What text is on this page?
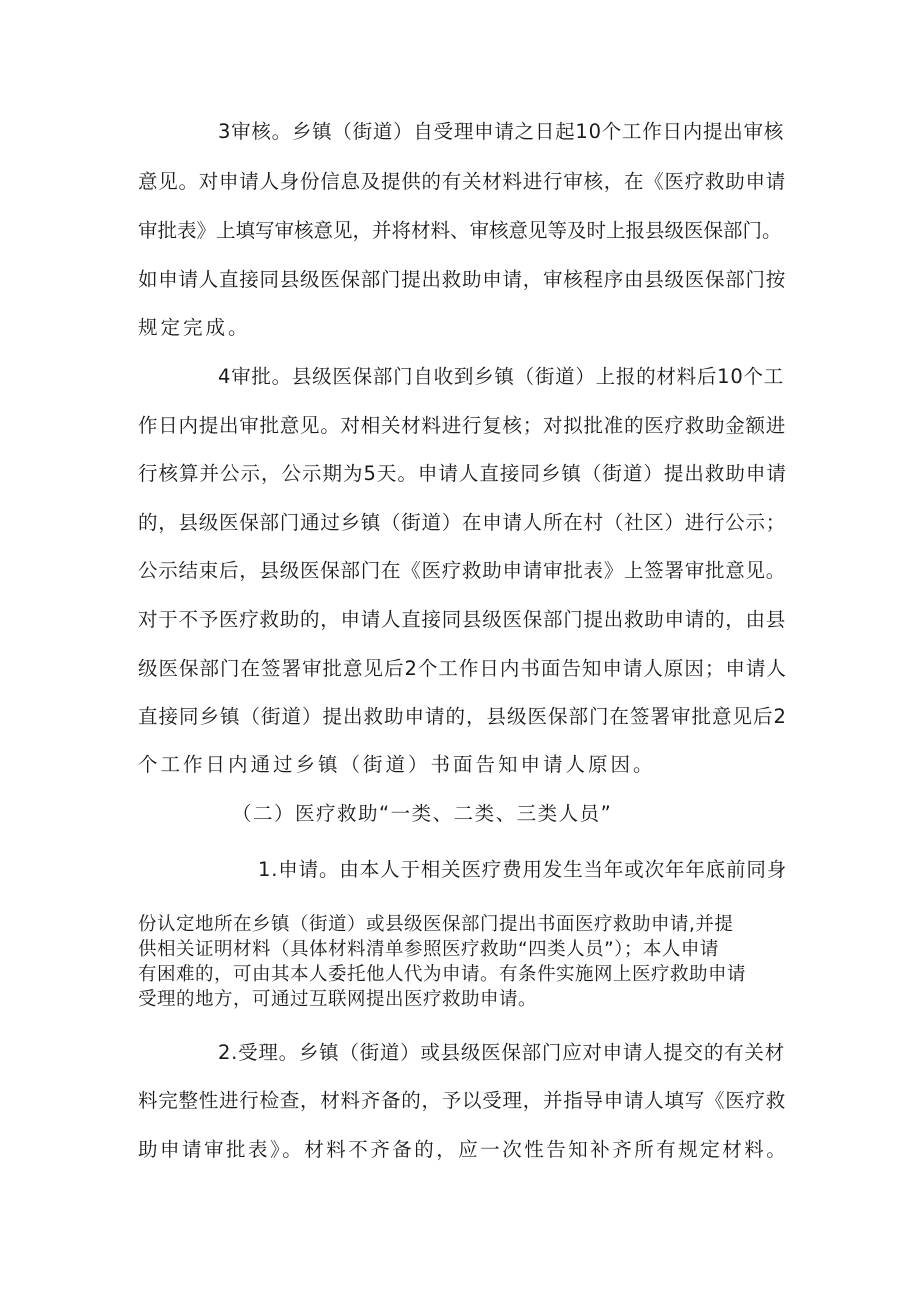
3审核。乡镇（街道）自受理申请之日起10个工作日内提出审核
意见。对申请人身份信息及提供的有关材料进行审核，在《医疗救助申请
审批表》上填写审核意见，并将材料、审核意见等及时上报县级医保部门。
如申请人直接同县级医保部门提出救助申请，审核程序由县级医保部门按
规定完成。
4审批。县级医保部门自收到乡镇（街道）上报的材料后10个工
作日内提出审批意见。对相关材料进行复核；对拟批准的医疗救助金额进
行核算并公示，公示期为5天。申请人直接同乡镇（街道）提出救助申请
的，县级医保部门通过乡镇（街道）在申请人所在村（社区）进行公示；
公示结束后，县级医保部门在《医疗救助申请审批表》上签署审批意见。
对于不予医疗救助的，申请人直接同县级医保部门提出救助申请的，由县
级医保部门在签署审批意见后2个工作日内书面告知申请人原因；申请人
直接同乡镇（街道）提出救助申请的，县级医保部门在签署审批意见后2
个工作日内通过乡镇（街道）书面告知申请人原因。
（二）医疗救助“一类、二类、三类人员”
1.申请。由本人于相关医疗费用发生当年或次年年底前同身
份认定地所在乡镇（街道）或县级医保部门提出书面医疗救助申请,并提
供相关证明材料（具体材料清单参照医疗救助“四类人员”）；本人申请
有困难的，可由其本人委托他人代为申请。有条件实施网上医疗救助申请
受理的地方，可通过互联网提出医疗救助申请。
2.受理。乡镇（街道）或县级医保部门应对申请人提交的有关材
料完整性进行检查，材料齐备的，予以受理，并指导申请人填写《医疗救
助申请审批表》。材料不齐备的，应一次性告知补齐所有规定材料。
